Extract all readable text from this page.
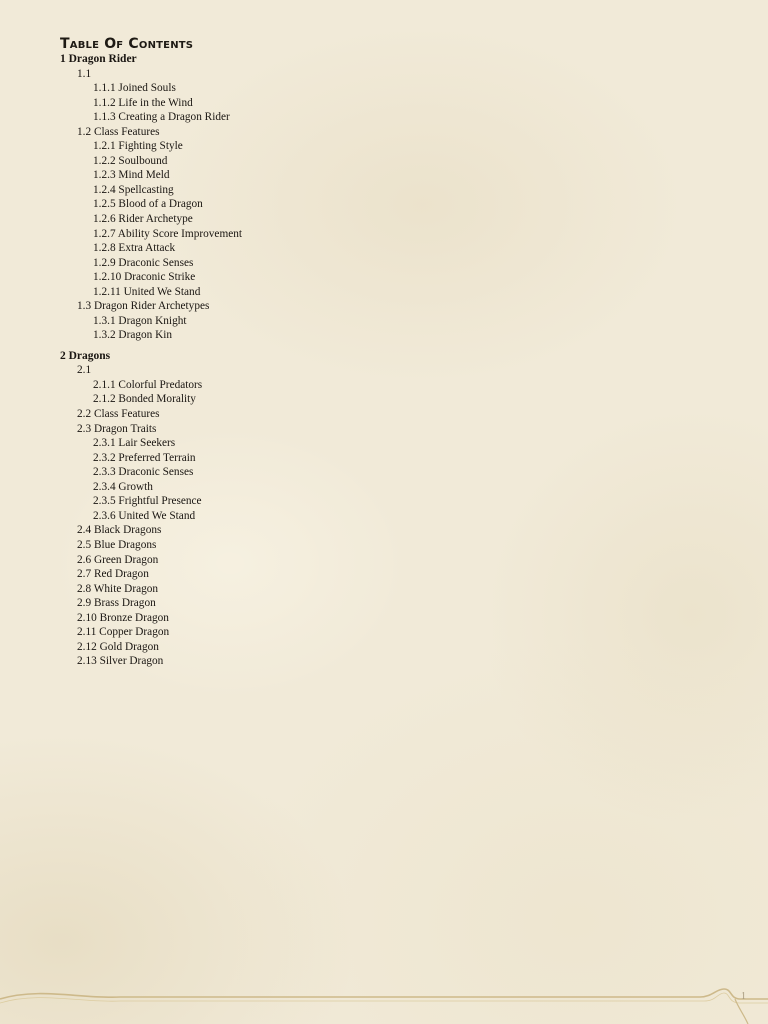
Table Of Contents
1 Dragon Rider
1.1
1.1.1 Joined Souls
1.1.2 Life in the Wind
1.1.3 Creating a Dragon Rider
1.2 Class Features
1.2.1 Fighting Style
1.2.2 Soulbound
1.2.3 Mind Meld
1.2.4 Spellcasting
1.2.5 Blood of a Dragon
1.2.6 Rider Archetype
1.2.7 Ability Score Improvement
1.2.8 Extra Attack
1.2.9 Draconic Senses
1.2.10 Draconic Strike
1.2.11 United We Stand
1.3 Dragon Rider Archetypes
1.3.1 Dragon Knight
1.3.2 Dragon Kin
2 Dragons
2.1
2.1.1 Colorful Predators
2.1.2 Bonded Morality
2.2 Class Features
2.3 Dragon Traits
2.3.1 Lair Seekers
2.3.2 Preferred Terrain
2.3.3 Draconic Senses
2.3.4 Growth
2.3.5 Frightful Presence
2.3.6 United We Stand
2.4 Black Dragons
2.5 Blue Dragons
2.6 Green Dragon
2.7 Red Dragon
2.8 White Dragon
2.9 Brass Dragon
2.10 Bronze Dragon
2.11 Copper Dragon
2.12 Gold Dragon
2.13 Silver Dragon
1
